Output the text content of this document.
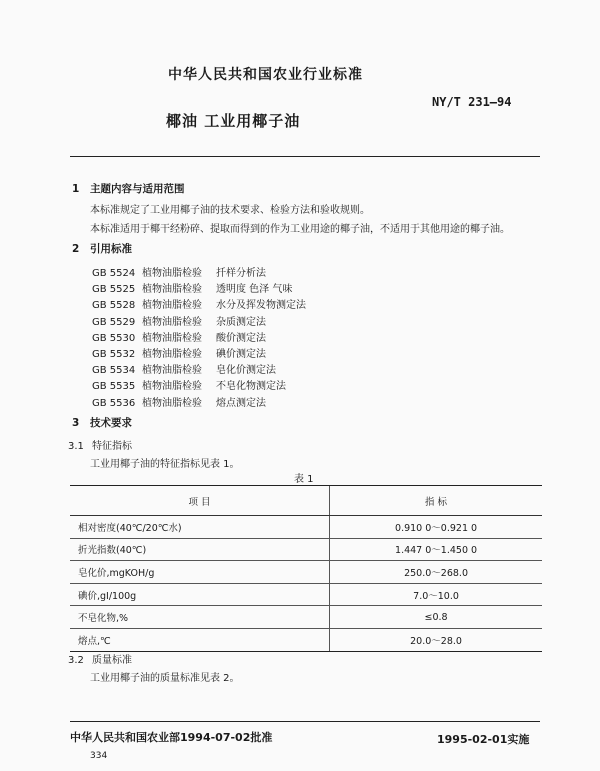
中华人民共和国农业行业标准
NY/T 231—94
椰油 工业用椰子油
1 主题内容与适用范围
本标准规定了工业用椰子油的技术要求、检验方法和验收规则。
本标准适用于椰干经粉碎、提取而得到的作为工业用途的椰子油，不适用于其他用途的椰子油。
2 引用标准
GB 5524 植物油脂检验 扦样分析法
GB 5525 植物油脂检验 透明度 色泽 气味
GB 5528 植物油脂检验 水分及挥发物测定法
GB 5529 植物油脂检验 杂质测定法
GB 5530 植物油脂检验 酸价测定法
GB 5532 植物油脂检验 碘价测定法
GB 5534 植物油脂检验 皂化价测定法
GB 5535 植物油脂检验 不皂化物测定法
GB 5536 植物油脂检验 熔点测定法
3 技术要求
3.1 特征指标
工业用椰子油的特征指标见表 1。
表 1
项 目	指 标
相对密度(40℃/20℃水)	0.910 0～0.921 0
折光指数(40℃)	1.447 0～1.450 0
皂化价,mgKOH/g	250.0～268.0
碘价,gI/100g	7.0～10.0
不皂化物,%	≤0.8
熔点,℃	20.0～28.0
3.2 质量标准
工业用椰子油的质量标准见表 2。
中华人民共和国农业部1994-07-02批准	1995-02-01实施
334
